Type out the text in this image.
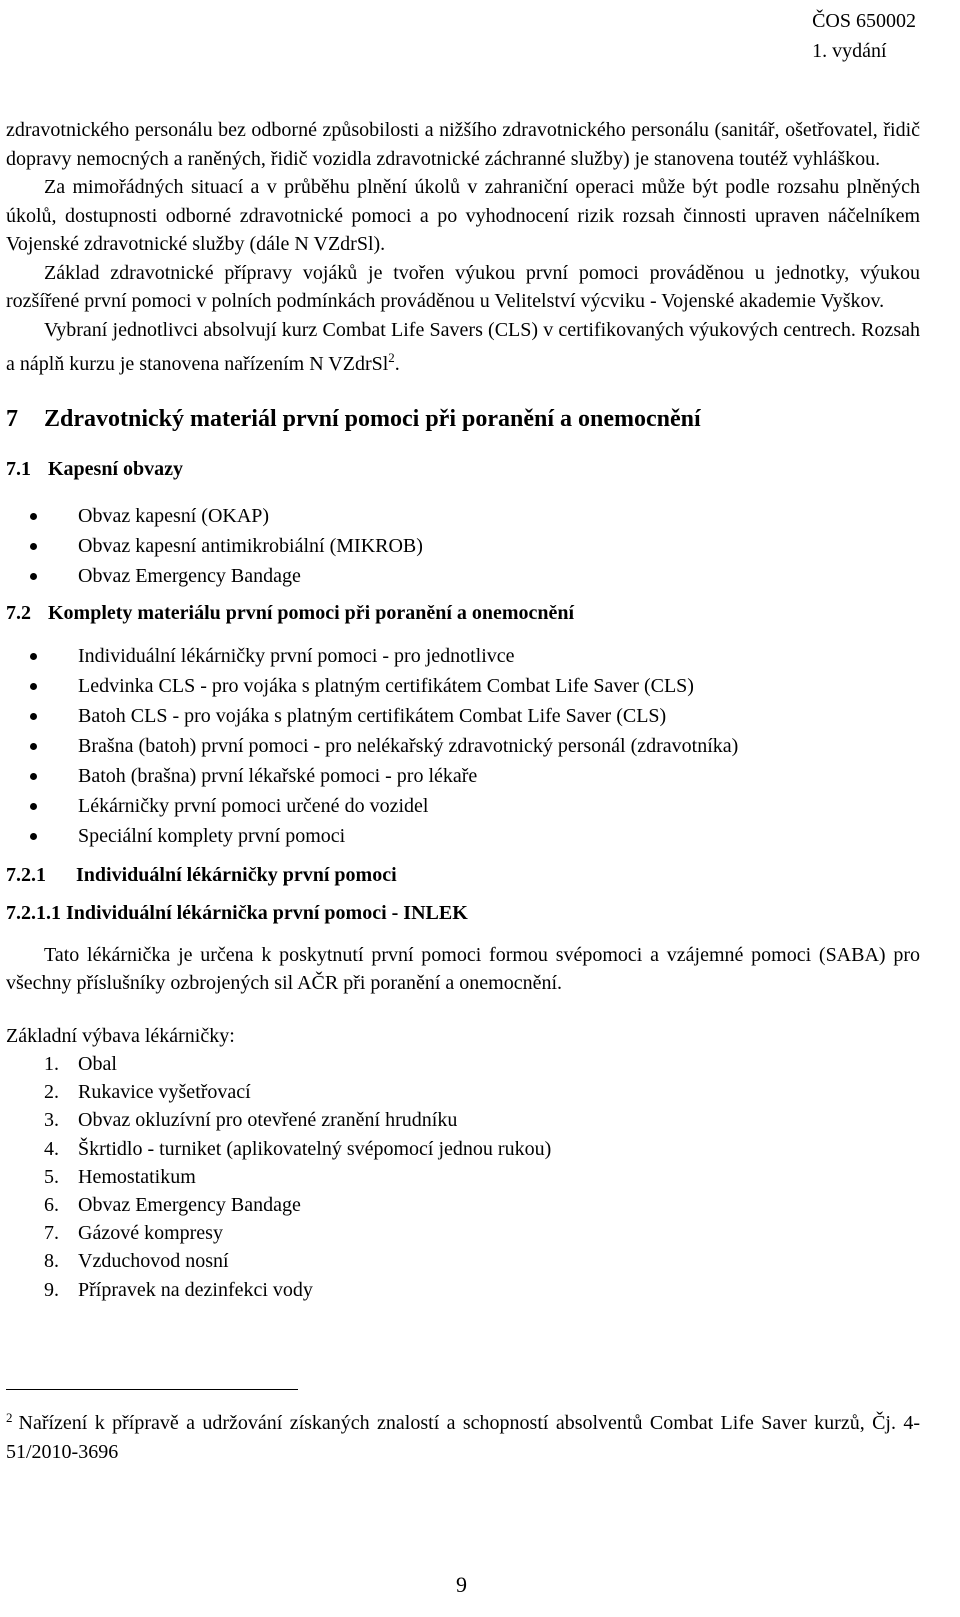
ČOS 650002
1. vydání

zdravotnického personálu bez odborné způsobilosti a nižšího zdravotnického personálu (sanitář, ošetřovatel, řidič dopravy nemocných a raněných, řidič vozidla zdravotnické záchranné služby) je stanovena toutéž vyhláškou.

Za mimořádných situací a v průběhu plnění úkolů v zahraniční operaci může být podle rozsahu plněných úkolů, dostupnosti odborné zdravotnické pomoci a po vyhodnocení rizik rozsah činnosti upraven náčelníkem Vojenské zdravotnické služby (dále N VZdrSl).

Základ zdravotnické přípravy vojáků je tvořen výukou první pomoci prováděnou u jednotky, výukou rozšířené první pomoci v polních podmínkách prováděnou u Velitelství výcviku - Vojenské akademie Vyškov.

Vybraní jednotlivci absolvují kurz Combat Life Savers (CLS) v certifikovaných výukových centrech. Rozsah a náplň kurzu je stanovena nařízením N VZdrSl$^2$.

7	Zdravotnický materiál první pomoci při poranění a onemocnění
7.1 Kapesní obvazy
Obvaz kapesní (OKAP)
Obvaz kapesní antimikrobiální (MIKROB)
Obvaz Emergency Bandage
7.2 Komplety materiálu první pomoci při poranění a onemocnění
Individuální lékárničky první pomoci - pro jednotlivce
Ledvinka CLS - pro vojáka s platným certifikátem Combat Life Saver (CLS)
Batoh CLS - pro vojáka s platným certifikátem Combat Life Saver (CLS)
Brašna (batoh) první pomoci - pro nelékařský zdravotnický personál (zdravotníka)
Batoh (brašna) první lékařské pomoci - pro lékaře
Lékárničky první pomoci určené do vozidel
Speciální komplety první pomoci
7.2.1	Individuální lékárničky první pomoci
7.2.1.1 Individuální lékárnička první pomoci - INLEK

Tato lékárnička je určena k poskytnutí první pomoci formou svépomoci a vzájemné pomoci (SABA) pro všechny příslušníky ozbrojených sil AČR při poranění a onemocnění.

Základní výbava lékárničky:

1. Obal
2. Rukavice vyšetřovací
3. Obvaz okluzívní pro otevřené zranění hrudníku
4. Škrtidlo - turniket (aplikovatelný svépomocí jednou rukou)
5. Hemostatikum
6. Obvaz Emergency Bandage
7. Gázové kompresy
8. Vzduchovod nosní
9. Přípravek na dezinfekci vody
$^2$ Nařízení k přípravě a udržování získaných znalostí a schopností absolventů Combat Life Saver kurzů, Čj. 4-51/2010-3696
9
